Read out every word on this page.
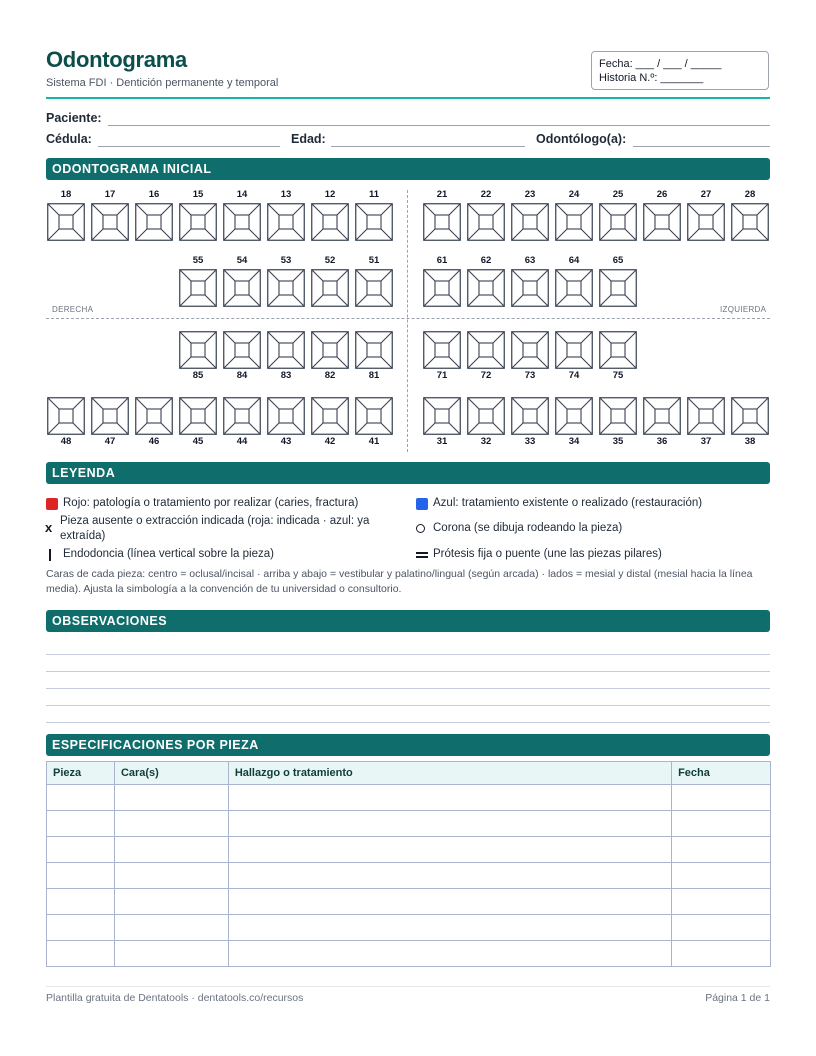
Odontograma
Sistema FDI · Dentición permanente y temporal
Fecha: ___ / ___ / _____
Historia N.º: _______
Paciente:
Cédula:	Edad:	Odontólogo(a):
ODONTOGRAMA INICIAL
18	17	16	15	14	13	12	11	21	22	23	24	25	26	27	28
55	54	53	52	51	61	62	63	64	65
85	84	83	82	81	71	72	73	74	75
48	47	46	45	44	43	42	41	31	32	33	34	35	36	37	38
DERECHA	IZQUIERDA
LEYENDA
Rojo: patología o tratamiento por realizar (caries, fractura)	Azul: tratamiento existente o realizado (restauración)
x Pieza ausente o extracción indicada (roja: indicada · azul: ya extraída)
Corona (se dibuja rodeando la pieza)
Endodoncia (línea vertical sobre la pieza)	Prótesis fija o puente (une las piezas pilares)
Caras de cada pieza: centro = oclusal/incisal · arriba y abajo = vestibular y palatino/lingual (según arcada) · lados = mesial y distal (mesial hacia la línea media). Ajusta la simbología a la convención de tu universidad o consultorio.
OBSERVACIONES
ESPECIFICACIONES POR PIEZA
Pieza	Cara(s)	Hallazgo o tratamiento	Fecha

Plantilla gratuita de Dentatools · dentatools.co/recursos	Página 1 de 1
